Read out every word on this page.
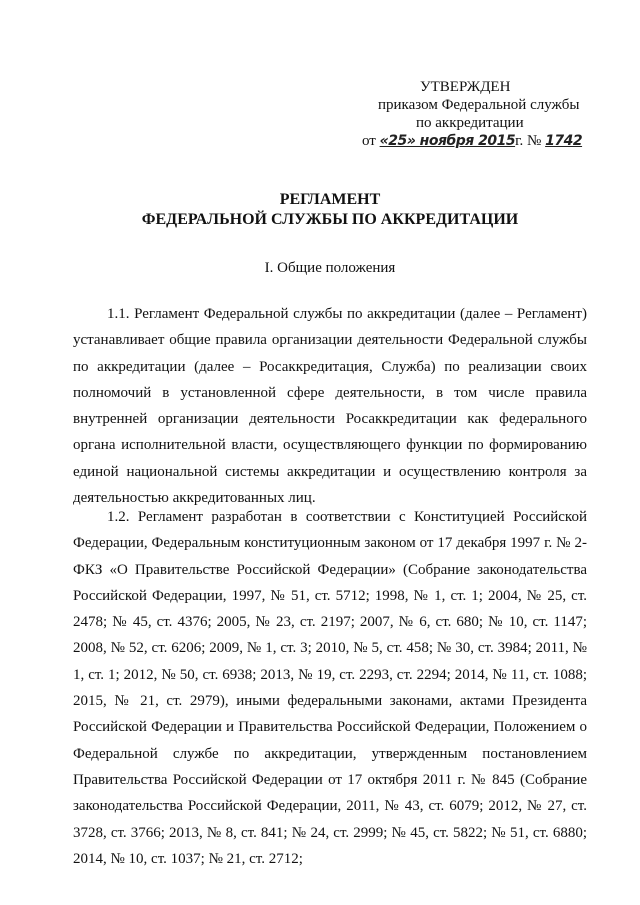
УТВЕРЖДЕН
приказом Федеральной службы
по аккредитации
от «25» ноября 2015г. № 1742
РЕГЛАМЕНТ
ФЕДЕРАЛЬНОЙ СЛУЖБЫ ПО АККРЕДИТАЦИИ
I. Общие положения
1.1. Регламент Федеральной службы по аккредитации (далее – Регламент) устанавливает общие правила организации деятельности Федеральной службы по аккредитации (далее – Росаккредитация, Служба) по реализации своих полномочий в установленной сфере деятельности, в том числе правила внутренней организации деятельности Росаккредитации как федерального органа исполнительной власти, осуществляющего функции по формированию единой национальной системы аккредитации и осуществлению контроля за деятельностью аккредитованных лиц.
1.2. Регламент разработан в соответствии с Конституцией Российской Федерации, Федеральным конституционным законом от 17 декабря 1997 г. № 2-ФКЗ «О Правительстве Российской Федерации» (Собрание законодательства Российской Федерации, 1997, № 51, ст. 5712; 1998, № 1, ст. 1; 2004, № 25, ст. 2478; № 45, ст. 4376; 2005, № 23, ст. 2197; 2007, № 6, ст. 680; № 10, ст. 1147; 2008, № 52, ст. 6206; 2009, № 1, ст. 3; 2010, № 5, ст. 458; № 30, ст. 3984; 2011, № 1, ст. 1; 2012, № 50, ст. 6938; 2013, № 19, ст. 2293, ст. 2294; 2014, № 11, ст. 1088; 2015, № 21, ст. 2979), иными федеральными законами, актами Президента Российской Федерации и Правительства Российской Федерации, Положением о Федеральной службе по аккредитации, утвержденным постановлением Правительства Российской Федерации от 17 октября 2011 г. № 845 (Собрание законодательства Российской Федерации, 2011, № 43, ст. 6079; 2012, № 27, ст. 3728, ст. 3766; 2013, № 8, ст. 841; № 24, ст. 2999; № 45, ст. 5822; № 51, ст. 6880; 2014, № 10, ст. 1037; № 21, ст. 2712;
